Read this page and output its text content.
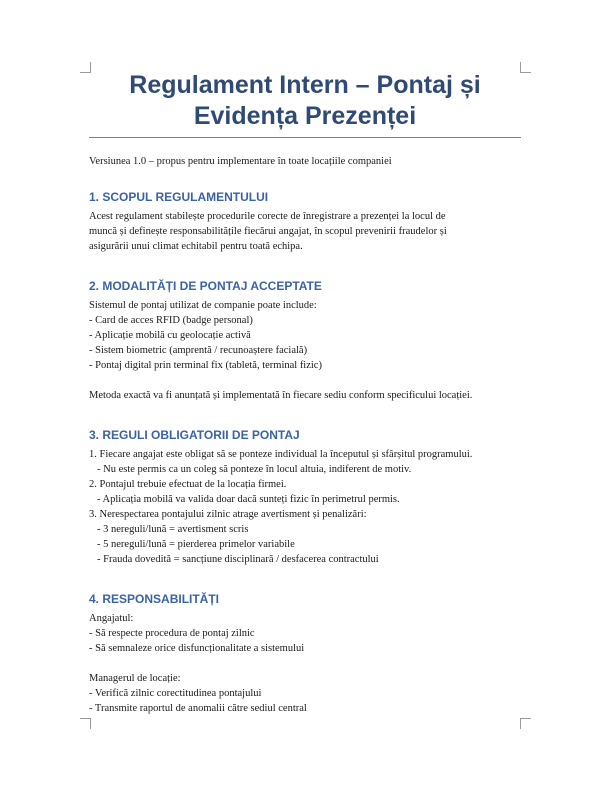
Regulament Intern – Pontaj și Evidența Prezenței
Versiunea 1.0 – propus pentru implementare în toate locațiile companiei
1. SCOPUL REGULAMENTULUI
Acest regulament stabilește procedurile corecte de înregistrare a prezenței la locul de
muncă și definește responsabilitățile fiecărui angajat, în scopul prevenirii fraudelor și
asigurării unui climat echitabil pentru toată echipa.
2. MODALITĂȚI DE PONTAJ ACCEPTATE
Sistemul de pontaj utilizat de companie poate include:
- Card de acces RFID (badge personal)
- Aplicație mobilă cu geolocație activă
- Sistem biometric (amprentă / recunoaștere facială)
- Pontaj digital prin terminal fix (tabletă, terminal fizic)
Metoda exactă va fi anunțată și implementată în fiecare sediu conform specificului locației.
3. REGULI OBLIGATORII DE PONTAJ
1. Fiecare angajat este obligat să se ponteze individual la începutul și sfârșitul programului.
- Nu este permis ca un coleg să ponteze în locul altuia, indiferent de motiv.
2. Pontajul trebuie efectuat de la locația firmei.
- Aplicația mobilă va valida doar dacă sunteți fizic în perimetrul permis.
3. Nerespectarea pontajului zilnic atrage avertisment și penalizări:
- 3 nereguli/lună = avertisment scris
- 5 nereguli/lună = pierderea primelor variabile
- Frauda dovedită = sancțiune disciplinară / desfacerea contractului
4. RESPONSABILITĂȚI
Angajatul:
- Să respecte procedura de pontaj zilnic
- Să semnaleze orice disfuncționalitate a sistemului
Managerul de locație:
- Verifică zilnic corectitudinea pontajului
- Transmite raportul de anomalii către sediul central
